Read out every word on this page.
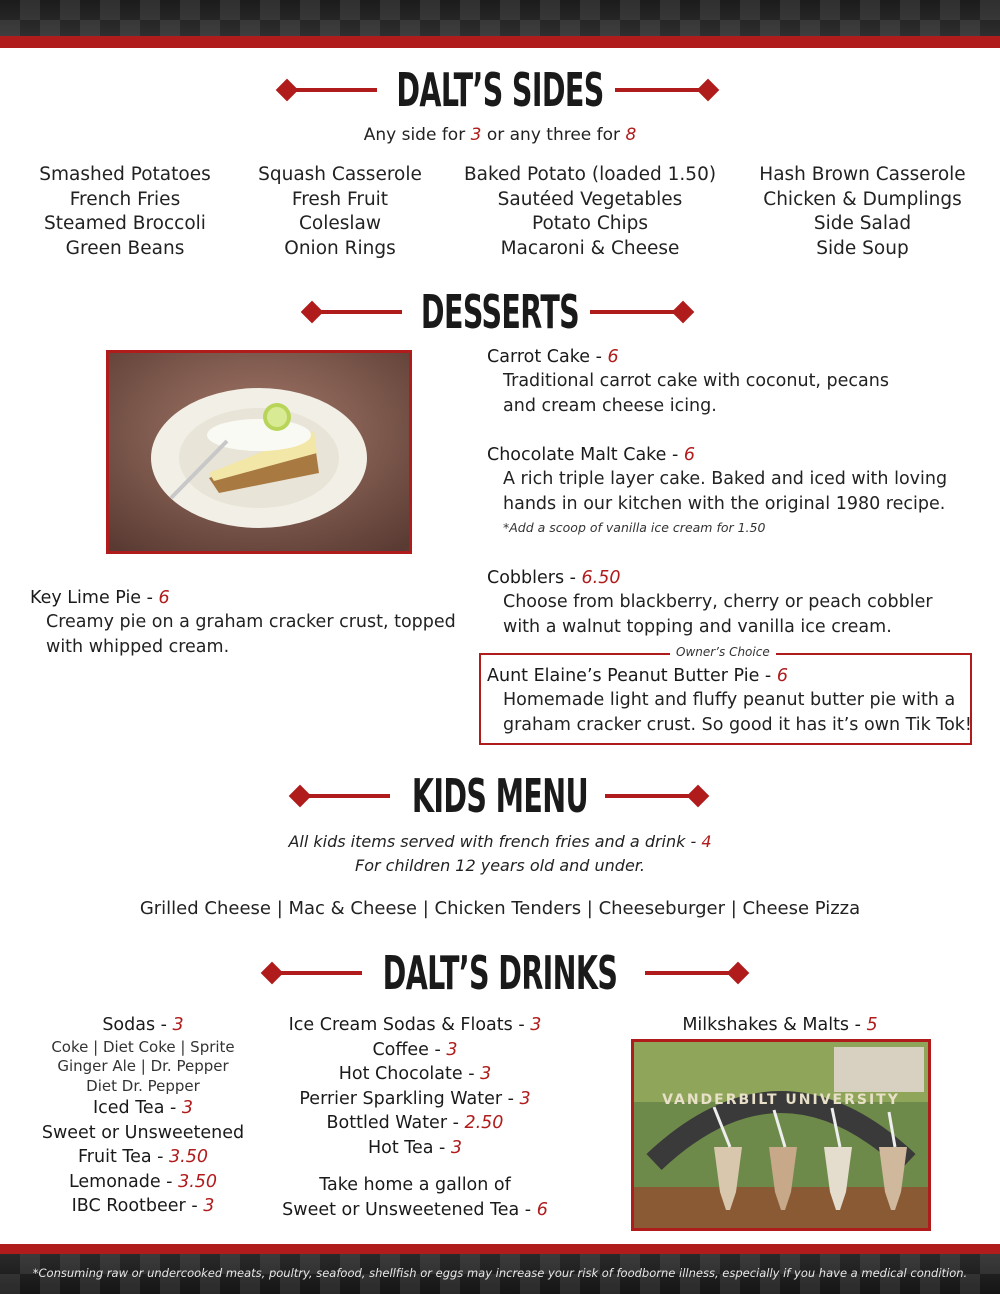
DALT’S SIDES
Any side for 3 or any three for 8
Smashed Potatoes
French Fries
Steamed Broccoli
Green Beans
Squash Casserole
Fresh Fruit
Coleslaw
Onion Rings
Baked Potato (loaded 1.50)
Sautéed Vegetables
Potato Chips
Macaroni & Cheese
Hash Brown Casserole
Chicken & Dumplings
Side Salad
Side Soup
DESSERTS
Carrot Cake - 6
Traditional carrot cake with coconut, pecans
and cream cheese icing.
Chocolate Malt Cake - 6
A rich triple layer cake. Baked and iced with loving
hands in our kitchen with the original 1980 recipe.
*Add a scoop of vanilla ice cream for 1.50
Cobblers - 6.50
Choose from blackberry, cherry or peach cobbler
with a walnut topping and vanilla ice cream.
Key Lime Pie - 6
Creamy pie on a graham cracker crust, topped
with whipped cream.	Owner’s Choice
Aunt Elaine’s Peanut Butter Pie - 6
Homemade light and fluffy peanut butter pie with a
graham cracker crust. So good it has it’s own Tik Tok!
KIDS MENU
All kids items served with french fries and a drink - 4
For children 12 years old and under.
Grilled Cheese | Mac & Cheese | Chicken Tenders | Cheeseburger | Cheese Pizza
DALT’S DRINKS
Sodas - 3
Coke | Diet Coke | Sprite
Ginger Ale | Dr. Pepper
Diet Dr. Pepper
Iced Tea - 3
Sweet or Unsweetened
Fruit Tea - 3.50
Lemonade - 3.50
IBC Rootbeer - 3
Ice Cream Sodas & Floats - 3
Coffee - 3
Hot Chocolate - 3
Perrier Sparkling Water - 3
Bottled Water - 2.50
Hot Tea - 3
Take home a gallon of
Sweet or Unsweetened Tea - 6
Milkshakes & Malts - 5
VANDERBILT UNIVERSITY
*Consuming raw or undercooked meats, poultry, seafood, shellfish or eggs may increase your risk of foodborne illness, especially if you have a medical condition.
